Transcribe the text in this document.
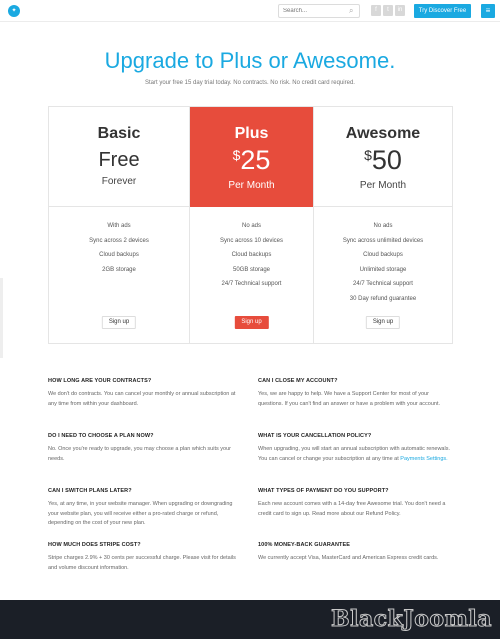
✦
Search...	⌕	f	t	in	Try Discover Free	≡
Upgrade to Plus or Awesome.

Start your free 15 day trial today. No contracts. No risk. No credit card required.

Basic
Free
Forever
With ads
Sync across 2 devices
Cloud backups
2GB storage
Sign up
Plus
$25
Per Month
No ads
Sync across 10 devices
Cloud backups
50GB storage
24/7 Technical support
Sign up
Awesome
$50
Per Month
No ads
Sync across unlimited devices
Cloud backups
Unlimited storage
24/7 Technical support
30 Day refund guarantee
Sign up
HOW LONG ARE YOUR CONTRACTS?
We don't do contracts. You can cancel your monthly or annual subscription at any time from within your dashboard.
CAN I CLOSE MY ACCOUNT?
Yes, we are happy to help. We have a Support Center for most of your questions. If you can't find an answer or have a problem with your account.
DO I NEED TO CHOOSE A PLAN NOW?
No. Once you're ready to upgrade, you may choose a plan which suits your needs.
WHAT IS YOUR CANCELLATION POLICY?
When upgrading, you will start an annual subscription with automatic renewals. You can cancel or change your subscription at any time at Payments Settings.
CAN I SWITCH PLANS LATER?
Yes, at any time, in your website manager. When upgrading or downgrading your website plan, you will receive either a pro-rated charge or refund, depending on the cost of your new plan.
WHAT TYPES OF PAYMENT DO YOU SUPPORT?
Each new account comes with a 14-day free Awesome trial. You don't need a credit card to sign up. Read more about our Refund Policy.
HOW MUCH DOES STRIPE COST?
Stripe charges 2.9% + 30 cents per successful charge. Please visit for details and volume discount information.
100% MONEY-BACK GUARANTEE
We currently accept Visa, MasterCard and American Express credit cards.
BlackJoomla
